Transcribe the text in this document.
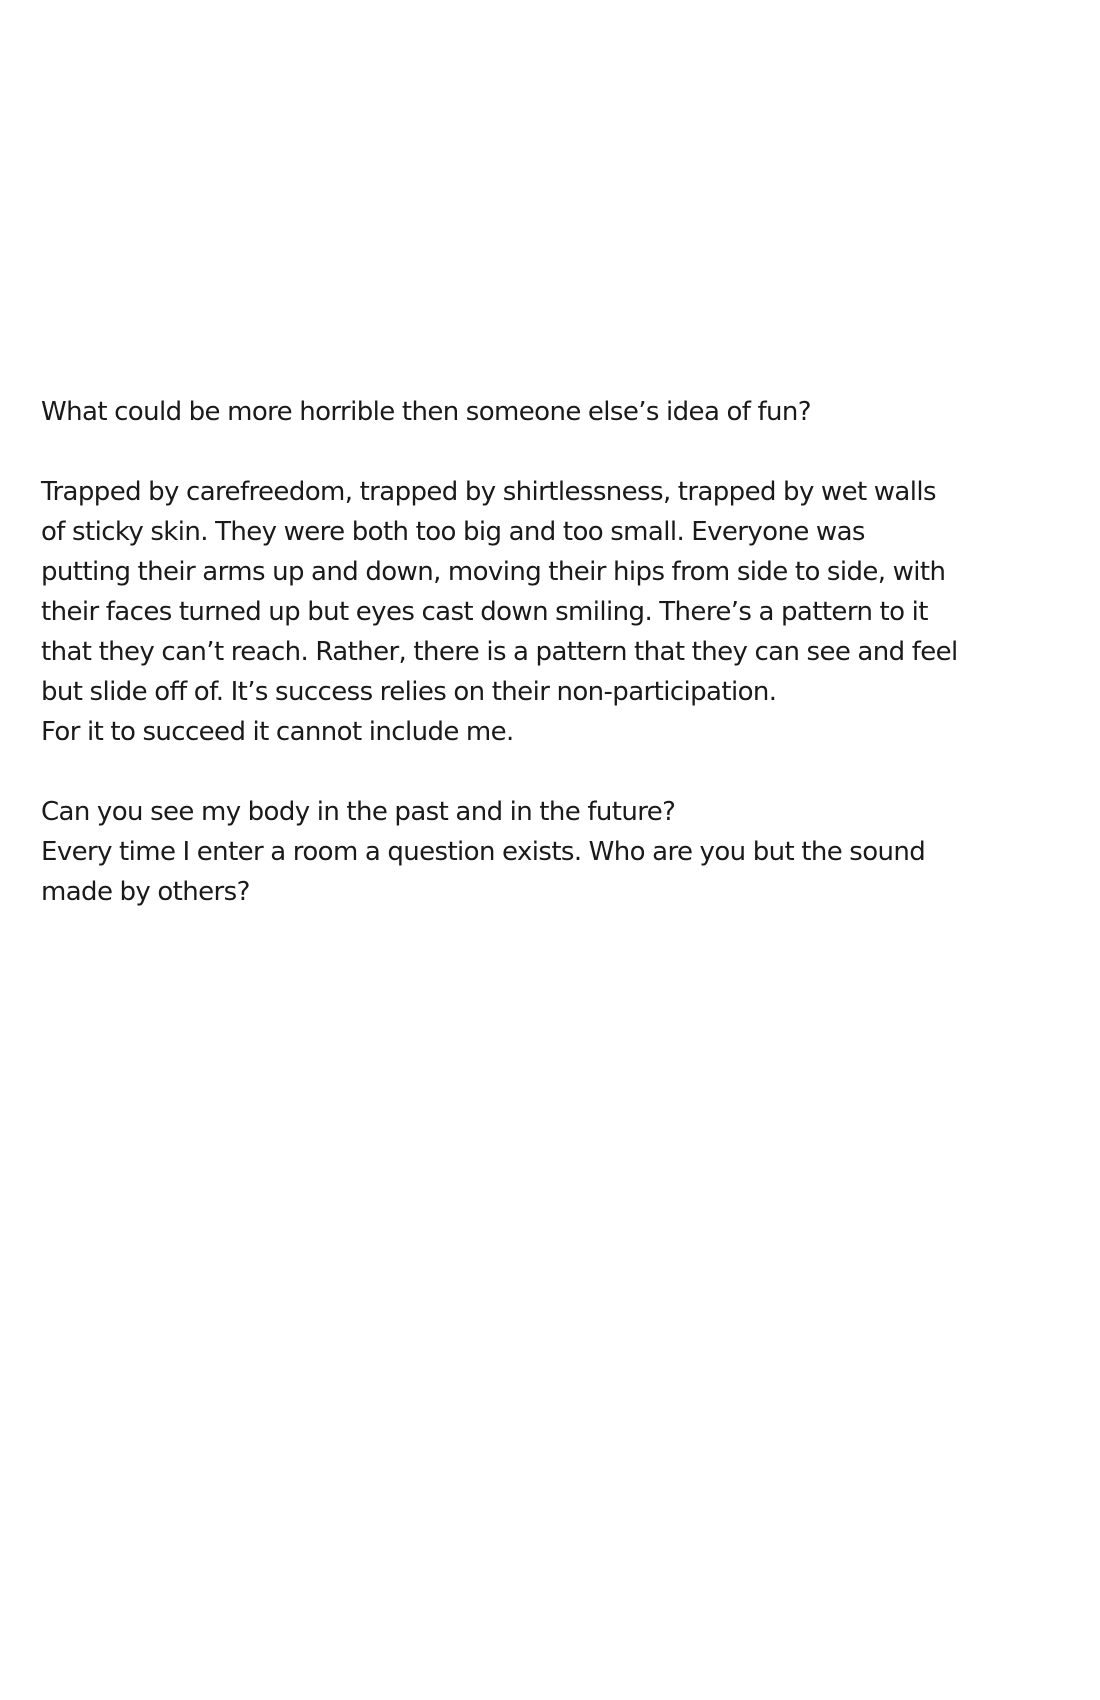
What could be more horrible then someone else’s idea of fun?
Trapped by carefreedom, trapped by shirtlessness, trapped by wet walls
of sticky skin. They were both too big and too small. Everyone was
putting their arms up and down, moving their hips from side to side, with
their faces turned up but eyes cast down smiling. There’s a pattern to it
that they can’t reach. Rather, there is a pattern that they can see and feel
but slide off of. It’s success relies on their non-participation.
For it to succeed it cannot include me.
Can you see my body in the past and in the future?
Every time I enter a room a question exists. Who are you but the sound
made by others?
